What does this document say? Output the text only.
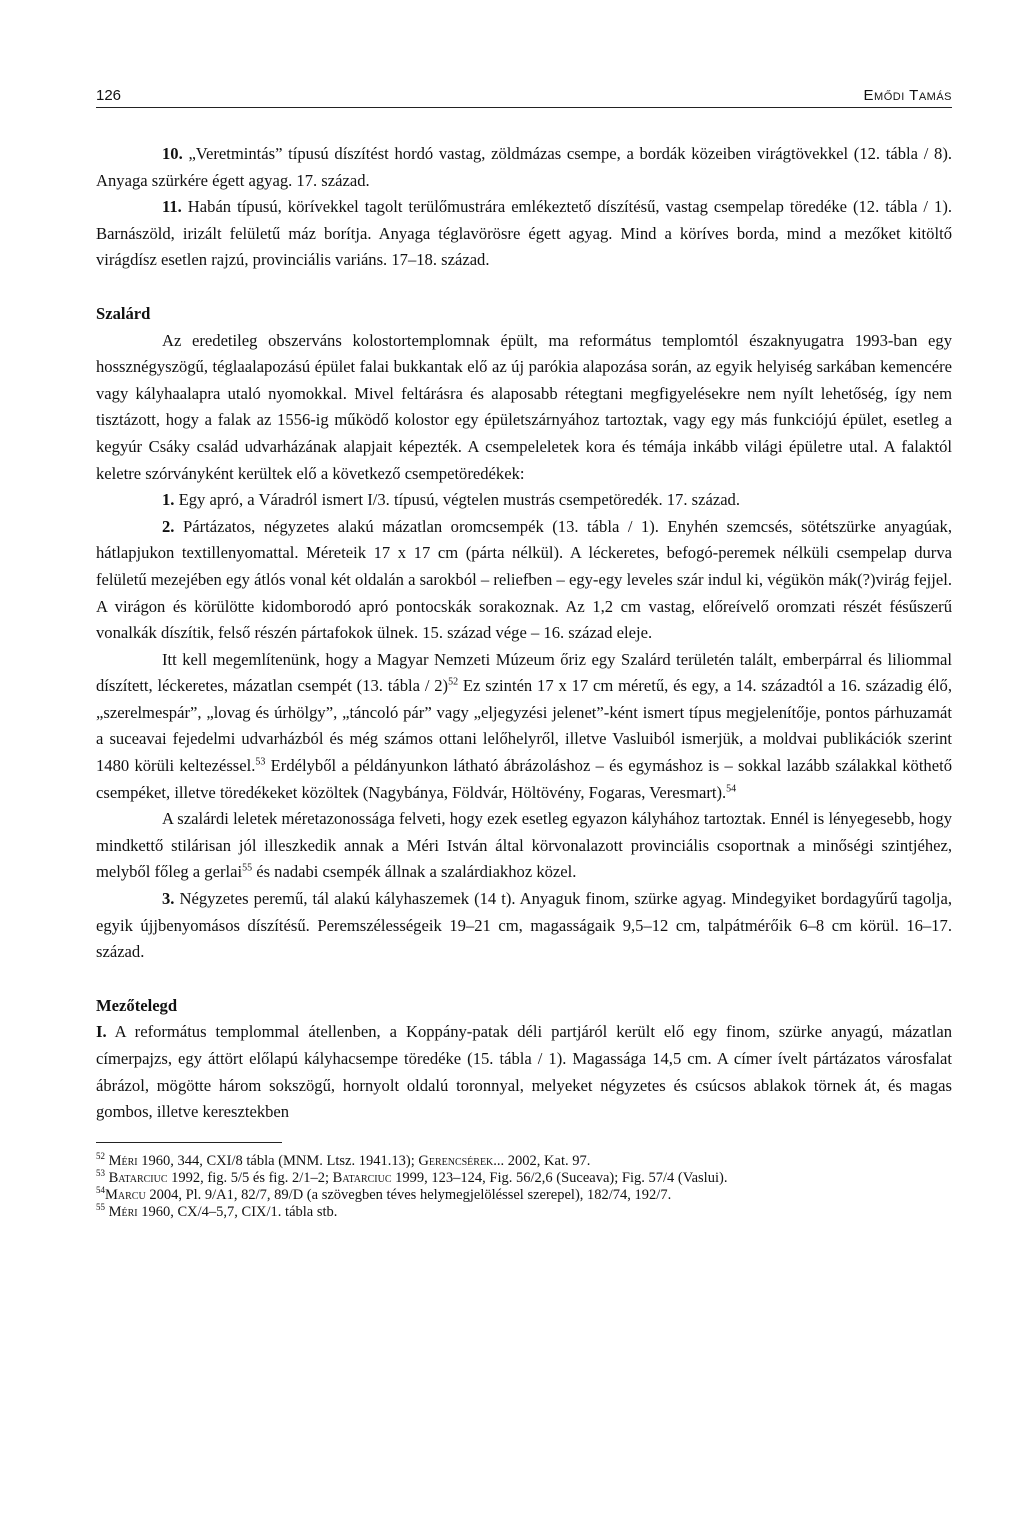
126	Emődi Tamás

10. „Veretmintás” típusú díszítést hordó vastag, zöldmázas csempe, a bordák közeiben virágtövekkel (12. tábla / 8). Anyaga szürkére égett agyag. 17. század.

11. Habán típusú, körívekkel tagolt terülőmustrára emlékeztető díszítésű, vastag csempelap töredéke (12. tábla / 1). Barnászöld, irizált felületű máz borítja. Anyaga téglavörösre égett agyag. Mind a köríves borda, mind a mezőket kitöltő virágdísz esetlen rajzú, provinciális variáns. 17–18. század.

Szalárd

Az eredetileg obszerváns kolostortemplomnak épült, ma református templomtól északnyugatra 1993-ban egy hossznégyszögű, téglaalapozású épület falai bukkantak elő az új parókia alapozása során, az egyik helyiség sarkában kemencére vagy kályhaalapra utaló nyomokkal. Mivel feltárásra és alaposabb rétegtani megfigyelésekre nem nyílt lehetőség, így nem tisztázott, hogy a falak az 1556-ig működő kolostor egy épületszárnyához tartoztak, vagy egy más funkciójú épület, esetleg a kegyúr Csáky család udvarházának alapjait képezték. A csempeleletek kora és témája inkább világi épületre utal. A falaktól keletre szórványként kerültek elő a következő csempetöredékek:

1. Egy apró, a Váradról ismert I/3. típusú, végtelen mustrás csempetöredék. 17. század.

2. Pártázatos, négyzetes alakú mázatlan oromcsempék (13. tábla / 1). Enyhén szemcsés, sötétszürke anyagúak, hátlapjukon textillenyomattal. Méreteik 17 x 17 cm (párta nélkül). A léckeretes, befogó-peremek nélküli csempelap durva felületű mezejében egy átlós vonal két oldalán a sarokból – reliefben – egy-egy leveles szár indul ki, végükön mák(?)virág fejjel. A virágon és körülötte kidomborodó apró pontocskák sorakoznak. Az 1,2 cm vastag, előreívelő oromzati részét fésűszerű vonalkák díszítik, felső részén pártafokok ülnek. 15. század vége – 16. század eleje.

Itt kell megemlítenünk, hogy a Magyar Nemzeti Múzeum őriz egy Szalárd területén talált, emberpárral és liliommal díszített, léckeretes, mázatlan csempét (13. tábla / 2)$^{52}$ Ez szintén 17 x 17 cm méretű, és egy, a 14. századtól a 16. századig élő, „szerelmespár”, „lovag és úrhölgy”, „táncoló pár” vagy „eljegyzési jelenet”-ként ismert típus megjelenítője, pontos párhuzamát a suceavai fejedelmi udvarházból és még számos ottani lelőhelyről, illetve Vasluiból ismerjük, a moldvai publikációk szerint 1480 körüli keltezéssel.$^{53}$ Erdélyből a példányunkon látható ábrázoláshoz – és egymáshoz is – sokkal lazább szálakkal köthető csempéket, illetve töredékeket közöltek (Nagybánya, Földvár, Höltövény, Fogaras, Veresmart).$^{54}$

A szalárdi leletek méretazonossága felveti, hogy ezek esetleg egyazon kályhához tartoztak. Ennél is lényegesebb, hogy mindkettő stilárisan jól illeszkedik annak a Méri István által körvonalazott provinciális csoportnak a minőségi szintjéhez, melyből főleg a gerlai$^{55}$ és nadabi csempék állnak a szalárdiakhoz közel.

3. Négyzetes peremű, tál alakú kályhaszemek (14 t). Anyaguk finom, szürke agyag. Mindegyiket bordagyűrű tagolja, egyik újjbenyomásos díszítésű. Peremszélességeik 19–21 cm, magasságaik 9,5–12 cm, talpátmérőik 6–8 cm körül. 16–17. század.

Mezőtelegd

I. A református templommal átellenben, a Koppány-patak déli partjáról került elő egy finom, szürke anyagú, mázatlan címerpajzs, egy áttört előlapú kályhacsempe töredéke (15. tábla / 1). Magassága 14,5 cm. A címer ívelt pártázatos városfalat ábrázol, mögötte három sokszögű, hornyolt oldalú toronnyal, melyeket négyzetes és csúcsos ablakok törnek át, és magas gombos, illetve keresztekben

$^{52}$ Méri 1960, 344, CXI/8 tábla (MNM. Ltsz. 1941.13); Gerencsérek... 2002, Kat. 97.

$^{53}$ Batarciuc 1992, fig. 5/5 és fig. 2/1–2; Batarciuc 1999, 123–124, Fig. 56/2,6 (Suceava); Fig. 57/4 (Vaslui).

$^{54}$Marcu 2004, Pl. 9/A1, 82/7, 89/D (a szövegben téves helymegjelöléssel szerepel), 182/74, 192/7.

$^{55}$ Méri 1960, CX/4–5,7, CIX/1. tábla stb.
